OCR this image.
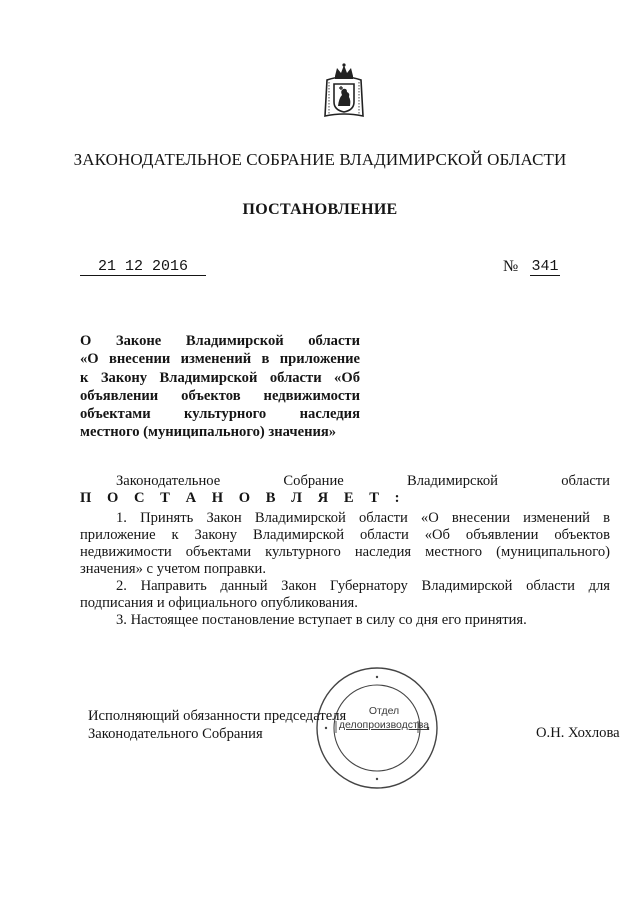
ЗАКОНОДАТЕЛЬНОЕ СОБРАНИЕ ВЛАДИМИРСКОЙ ОБЛАСТИ
ПОСТАНОВЛЕНИЕ
21 12 2016	№ 341
О Законе Владимирской области
«О внесении изменений в приложение
к Закону Владимирской области «Об
объявлении объектов недвижимости
объектами культурного наследия
местного (муниципального) значения»
Законодательное	Собрание	Владимирской	области
П О С Т А Н О В Л Я Е Т :
1. Принять Закон Владимирской области «О внесении изменений в приложение к Закону Владимирской области «Об объявлении объектов недвижимости объектами культурного наследия местного (муниципального) значения» с учетом поправки.
2. Направить данный Закон Губернатору Владимирской области для подписания и официального опубликования.
3. Настоящее постановление вступает в силу со дня его принятия.
Отдел
делопроизводства
Исполняющий обязанности председателя
Законодательного Собрания	О.Н. Хохлова
